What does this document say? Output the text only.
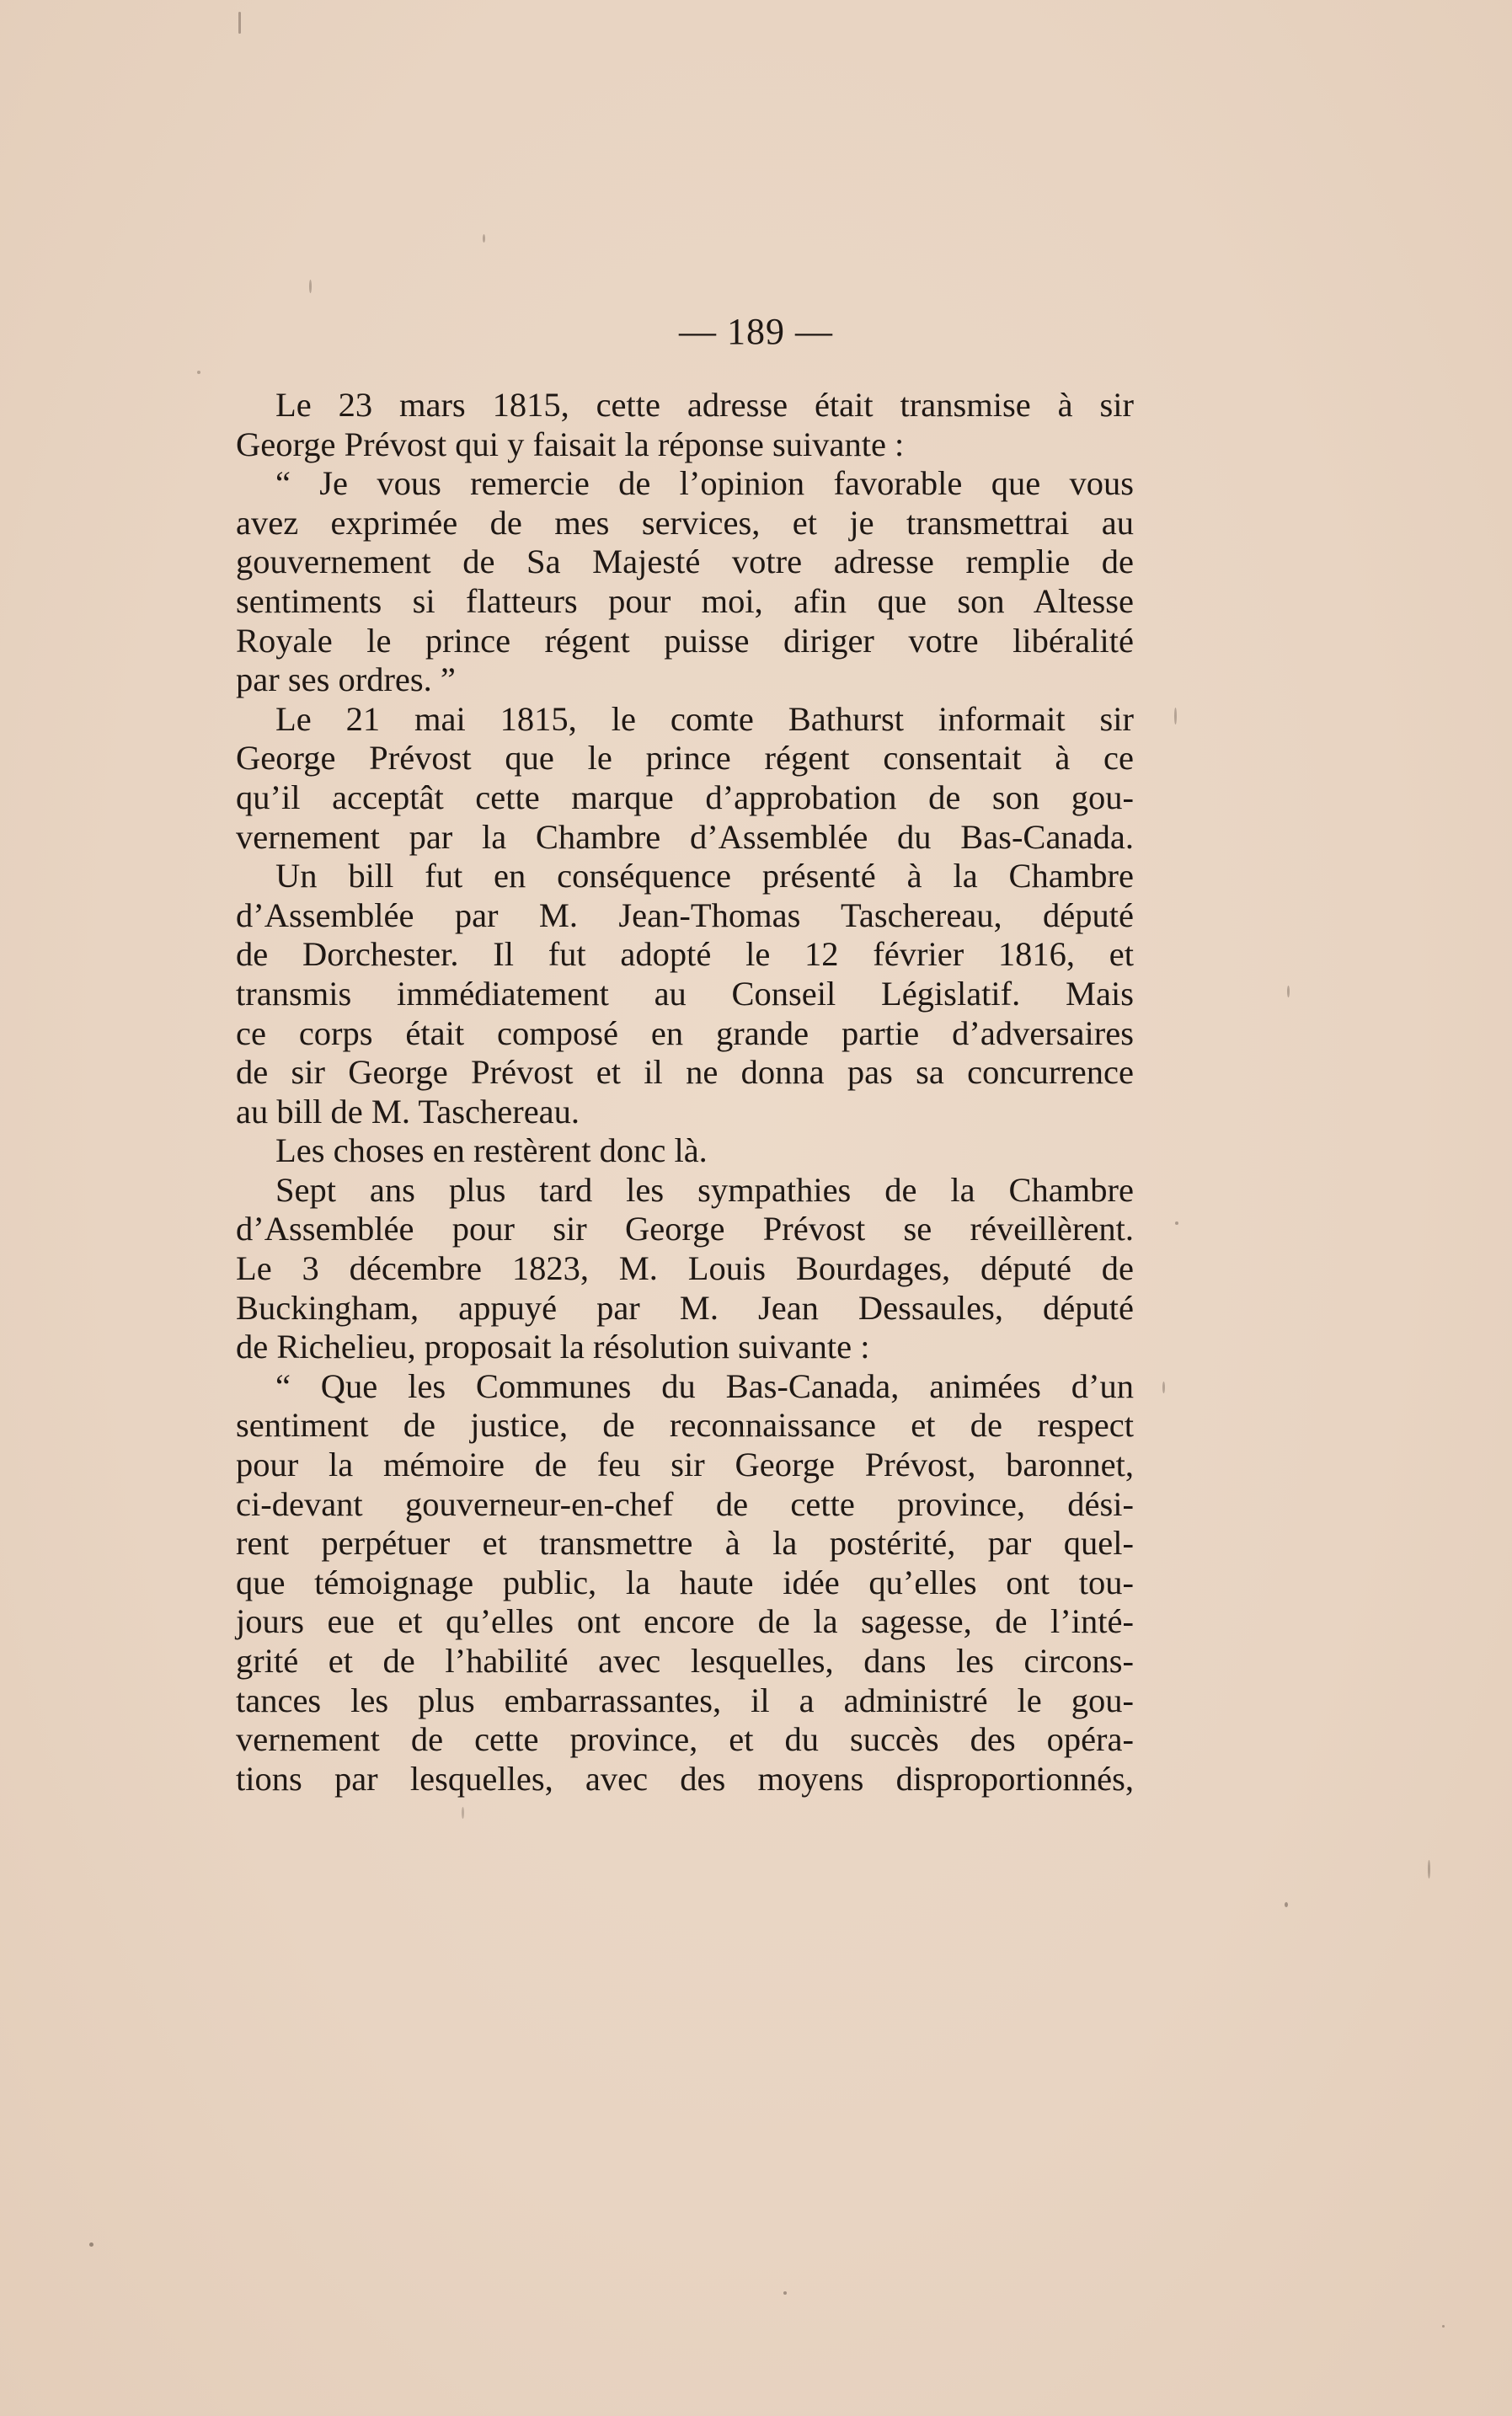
— 189 —
Le 23 mars 1815, cette adresse était transmise à sir
George Prévost qui y faisait la réponse suivante :
“ Je vous remercie de l’opinion favorable que vous
avez exprimée de mes services, et je transmettrai au
gouvernement de Sa Majesté votre adresse remplie de
sentiments si flatteurs pour moi, afin que son Altesse
Royale le prince régent puisse diriger votre libéralité
par ses ordres. ”
Le 21 mai 1815, le comte Bathurst informait sir
George Prévost que le prince régent consentait à ce
qu’il acceptât cette marque d’approbation de son gou-
vernement par la Chambre d’Assemblée du Bas-Canada.
Un bill fut en conséquence présenté à la Chambre
d’Assemblée par M. Jean-Thomas Taschereau, député
de Dorchester. Il fut adopté le 12 février 1816, et
transmis immédiatement au Conseil Législatif. Mais
ce corps était composé en grande partie d’adversaires
de sir George Prévost et il ne donna pas sa concurrence
au bill de M. Taschereau.
Les choses en restèrent donc là.
Sept ans plus tard les sympathies de la Chambre
d’Assemblée pour sir George Prévost se réveillèrent.
Le 3 décembre 1823, M. Louis Bourdages, député de
Buckingham, appuyé par M. Jean Dessaules, député
de Richelieu, proposait la résolution suivante :
“ Que les Communes du Bas-Canada, animées d’un
sentiment de justice, de reconnaissance et de respect
pour la mémoire de feu sir George Prévost, baronnet,
ci-devant gouverneur-en-chef de cette province, dési-
rent perpétuer et transmettre à la postérité, par quel-
que témoignage public, la haute idée qu’elles ont tou-
jours eue et qu’elles ont encore de la sagesse, de l’inté-
grité et de l’habilité avec lesquelles, dans les circons-
tances les plus embarrassantes, il a administré le gou-
vernement de cette province, et du succès des opéra-
tions par lesquelles, avec des moyens disproportionnés,
